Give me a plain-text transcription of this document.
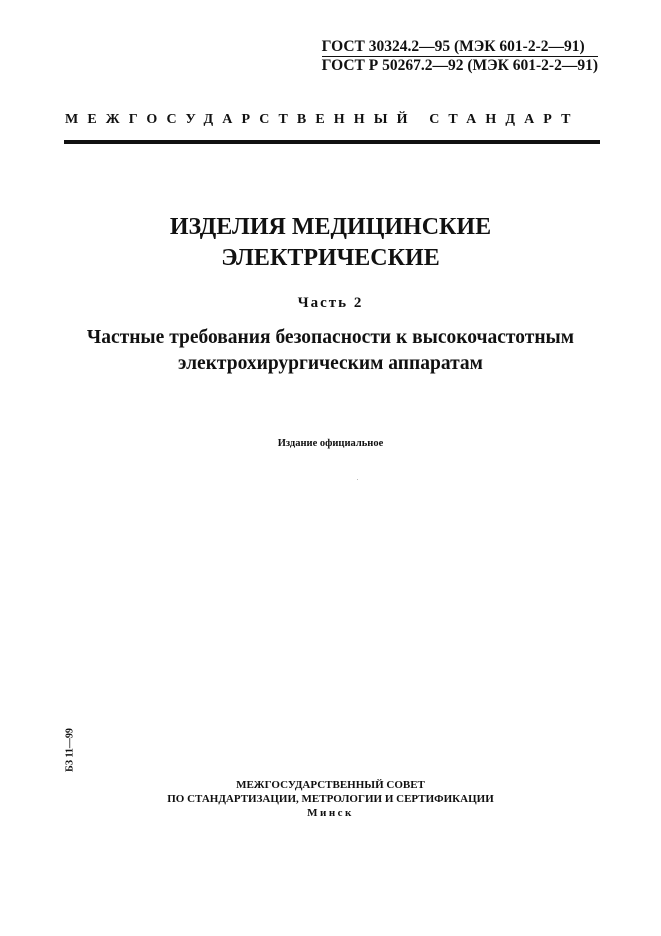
ГОСТ 30324.2—95 (МЭК 601-2-2—91)
ГОСТ Р 50267.2—92 (МЭК 601-2-2—91)
МЕЖГОСУДАРСТВЕННЫЙ СТАНДАРТ
ИЗДЕЛИЯ МЕДИЦИНСКИЕ
ЭЛЕКТРИЧЕСКИЕ
Часть 2
Частные требования безопасности к высокочастотным
электрохирургическим аппаратам
Издание официальное
БЗ 11—99
МЕЖГОСУДАРСТВЕННЫЙ СОВЕТ
ПО СТАНДАРТИЗАЦИИ, МЕТРОЛОГИИ И СЕРТИФИКАЦИИ
Минск
